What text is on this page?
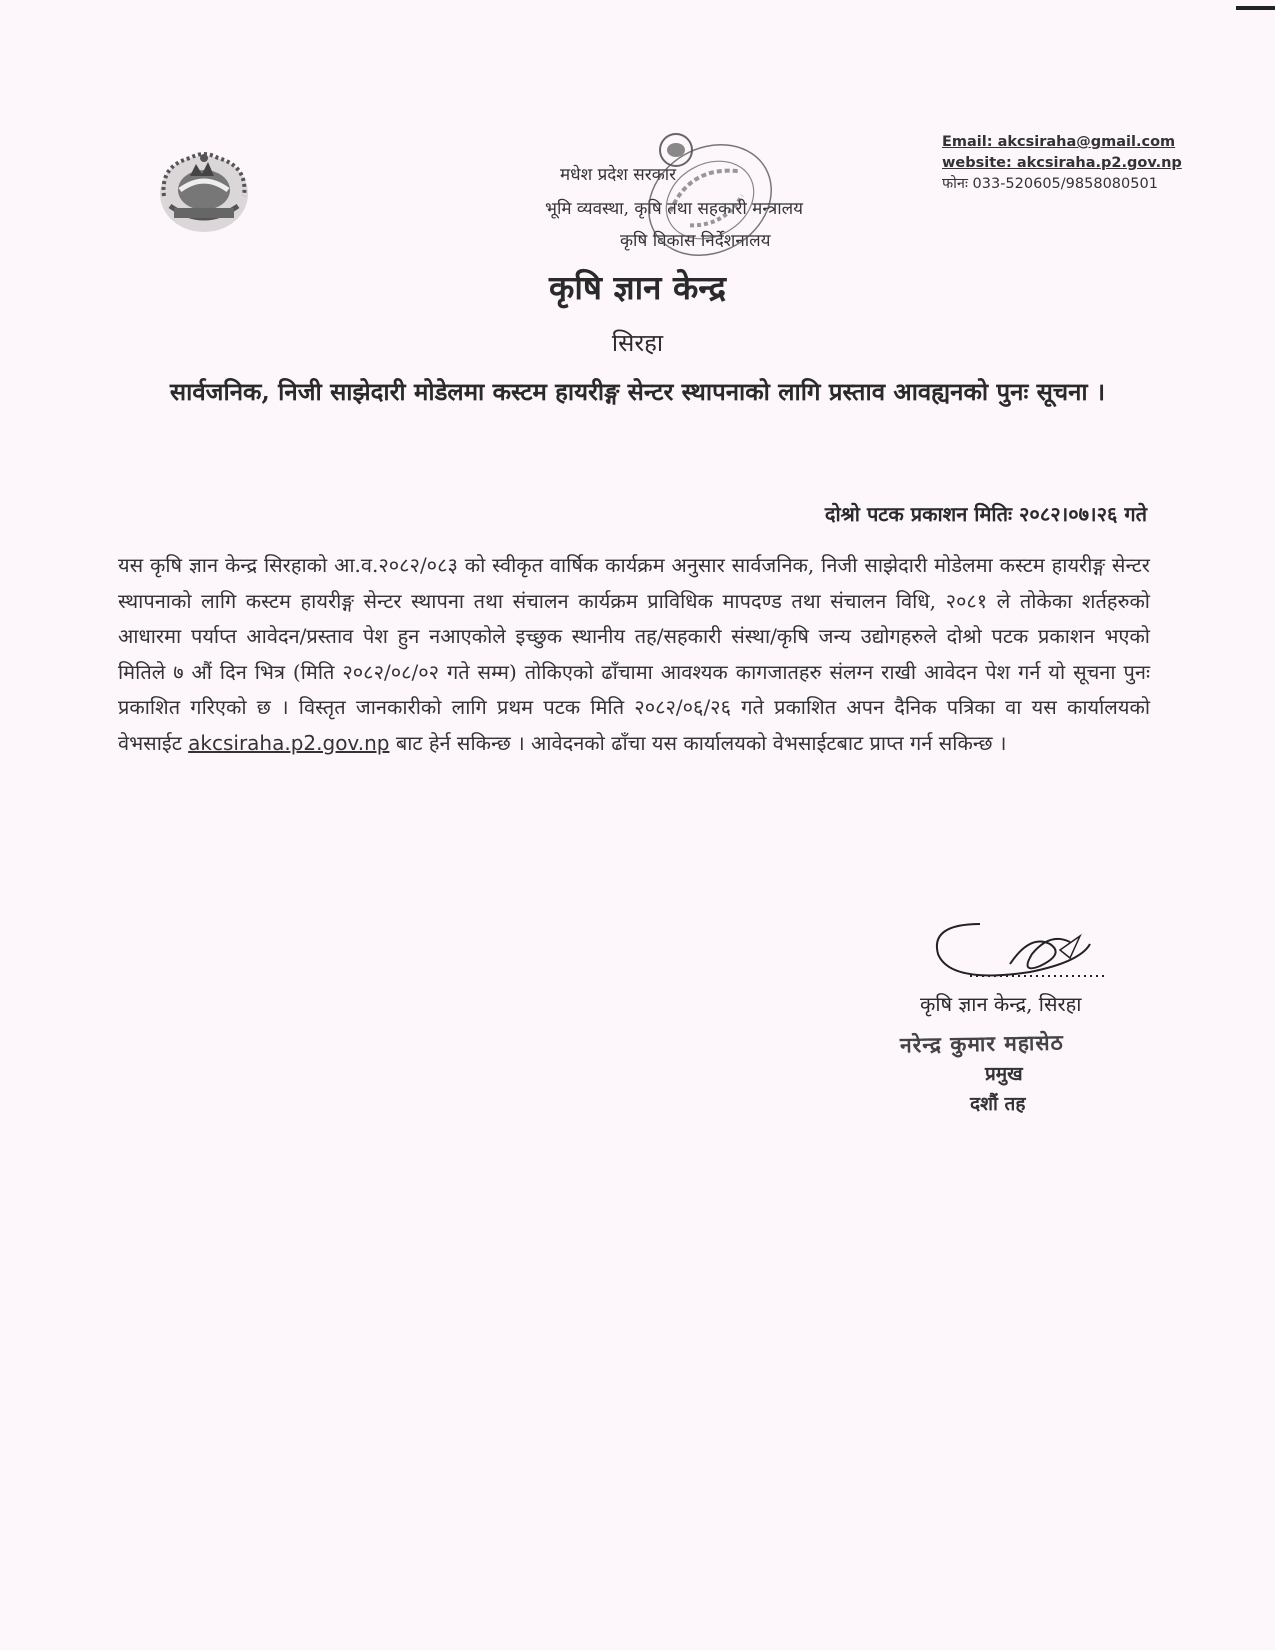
मधेश प्रदेश सरकार
भूमि व्यवस्था, कृषि तथा सहकारी मन्त्रालय
कृषि विकास निर्देशनालय
Email: akcsiraha@gmail.com
website: akcsiraha.p2.gov.np
फोनः 033-520605/9858080501
कृषि ज्ञान केन्द्र
सिरहा
सार्वजनिक, निजी साझेदारी मोडेलमा कस्टम हायरीङ्ग सेन्टर स्थापनाको लागि प्रस्ताव आवह्यनको पुनः सूचना ।
दोश्रो पटक प्रकाशन मितिः २०८२।०७।२६ गते
यस कृषि ज्ञान केन्द्र सिरहाको आ.व.२०८२/०८३ को स्वीकृत वार्षिक कार्यक्रम अनुसार सार्वजनिक, निजी साझेदारी मोडेलमा कस्टम हायरीङ्ग सेन्टर स्थापनाको लागि कस्टम हायरीङ्ग सेन्टर स्थापना तथा संचालन कार्यक्रम प्राविधिक मापदण्ड तथा संचालन विधि, २०८१ ले तोकेका शर्तहरुको आधारमा पर्याप्त आवेदन/प्रस्ताव पेश हुन नआएकोले इच्छुक स्थानीय तह/सहकारी संस्था/कृषि जन्य उद्योगहरुले दोश्रो पटक प्रकाशन भएको मितिले ७ औं दिन भित्र (मिति २०८२/०८/०२ गते सम्म) तोकिएको ढाँचामा आवश्यक कागजातहरु संलग्न राखी आवेदन पेश गर्न यो सूचना पुनः प्रकाशित गरिएको छ । विस्तृत जानकारीको लागि प्रथम पटक मिति २०८२/०६/२६ गते प्रकाशित अपन दैनिक पत्रिका वा यस कार्यालयको वेभसाईट akcsiraha.p2.gov.np बाट हेर्न सकिन्छ । आवेदनको ढाँचा यस कार्यालयको वेभसाईटबाट प्राप्त गर्न सकिन्छ ।
कृषि ज्ञान केन्द्र, सिरहा
नरेन्द्र कुमार महासेठ
प्रमुख
दशौं तह
